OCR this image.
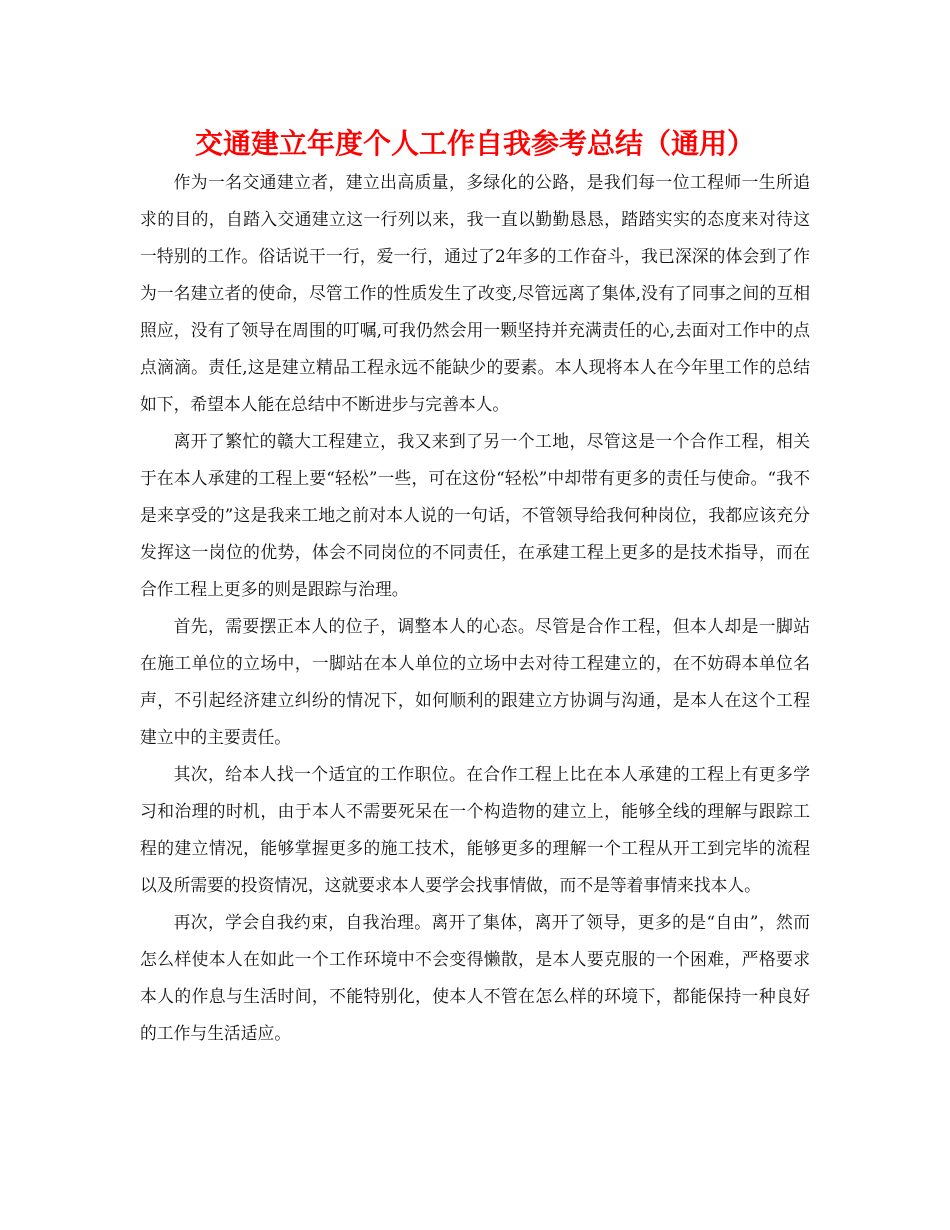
交通建立年度个人工作自我参考总结（通用）

作为一名交通建立者，建立出高质量，多绿化的公路，是我们每一位工程师一生所追求的目的，自踏入交通建立这一行列以来，我一直以勤勤恳恳，踏踏实实的态度来对待这一特别的工作。俗话说干一行，爱一行，通过了2年多的工作奋斗，我已深深的体会到了作为一名建立者的使命，尽管工作的性质发生了改变,尽管远离了集体,没有了同事之间的互相照应，没有了领导在周围的叮嘱,可我仍然会用一颗坚持并充满责任的心,去面对工作中的点点滴滴。责任,这是建立精品工程永远不能缺少的要素。本人现将本人在今年里工作的总结如下，希望本人能在总结中不断进步与完善本人。

离开了繁忙的赣大工程建立，我又来到了另一个工地，尽管这是一个合作工程，相关于在本人承建的工程上要“轻松”一些，可在这份“轻松”中却带有更多的责任与使命。“我不是来享受的”这是我来工地之前对本人说的一句话，不管领导给我何种岗位，我都应该充分发挥这一岗位的优势，体会不同岗位的不同责任，在承建工程上更多的是技术指导，而在合作工程上更多的则是跟踪与治理。

首先，需要摆正本人的位子，调整本人的心态。尽管是合作工程，但本人却是一脚站在施工单位的立场中，一脚站在本人单位的立场中去对待工程建立的，在不妨碍本单位名声，不引起经济建立纠纷的情况下，如何顺利的跟建立方协调与沟通，是本人在这个工程建立中的主要责任。

其次，给本人找一个适宜的工作职位。在合作工程上比在本人承建的工程上有更多学习和治理的时机，由于本人不需要死呆在一个构造物的建立上，能够全线的理解与跟踪工程的建立情况，能够掌握更多的施工技术，能够更多的理解一个工程从开工到完毕的流程以及所需要的投资情况，这就要求本人要学会找事情做，而不是等着事情来找本人。

再次，学会自我约束，自我治理。离开了集体，离开了领导，更多的是“自由”，然而怎么样使本人在如此一个工作环境中不会变得懒散，是本人要克服的一个困难，严格要求本人的作息与生活时间，不能特别化，使本人不管在怎么样的环境下，都能保持一种良好的工作与生活适应。
